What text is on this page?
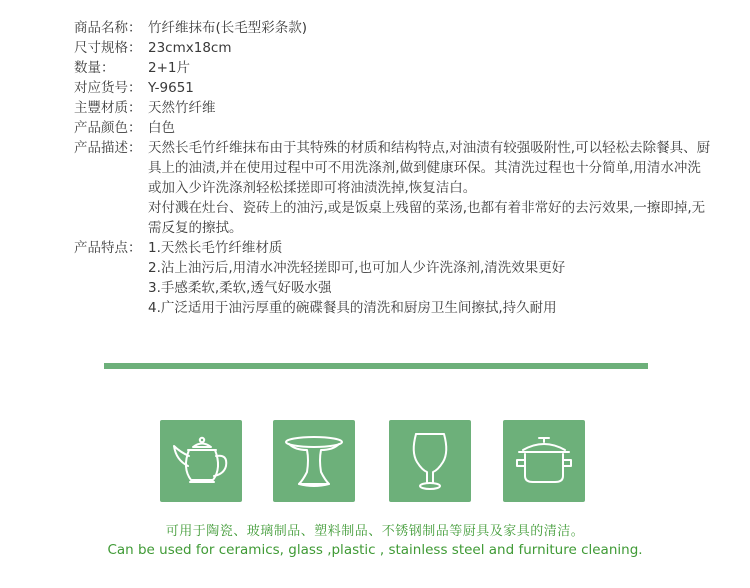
商品名称： 竹纤维抹布(长毛型彩条款)
尺寸规格： 23cmx18cm
数量：	2+1片
对应货号： Y-9651
主豐材质： 天然竹纤维
产品颜色： 白色
产品描述： 天然长毛竹纤维抹布由于其特殊的材质和结构特点,对油渍有较强吸附性,可以轻松去除餐具、厨具上的油渍,并在使用过程中可不用洗涤剂,做到健康环保。其清洗过程也十分简单,用清水冲洗或加入少许洗涤剂轻松揉搓即可将油渍洗掉,恢复洁白。

对付溅在灶台、瓷砖上的油污,或是饭桌上残留的菜汤,也都有着非常好的去污效果,一擦即掉,无需反复的擦拭。

产品特点： 1.天然长毛竹纤维材质
2.沾上油污后,用清水冲洗轻搓即可,也可加人少许洗涤剂,清洗效果更好
3.手感柔软,柔软,透气好吸水强
4.广泛适用于油污厚重的碗碟餐具的清洗和厨房卫生间擦拭,持久耐用
可用于陶瓷、玻璃制品、塑料制品、不锈钢制品等厨具及家具的清洁。
Can be used for ceramics, glass ,plastic , stainless steel and furniture cleaning.
